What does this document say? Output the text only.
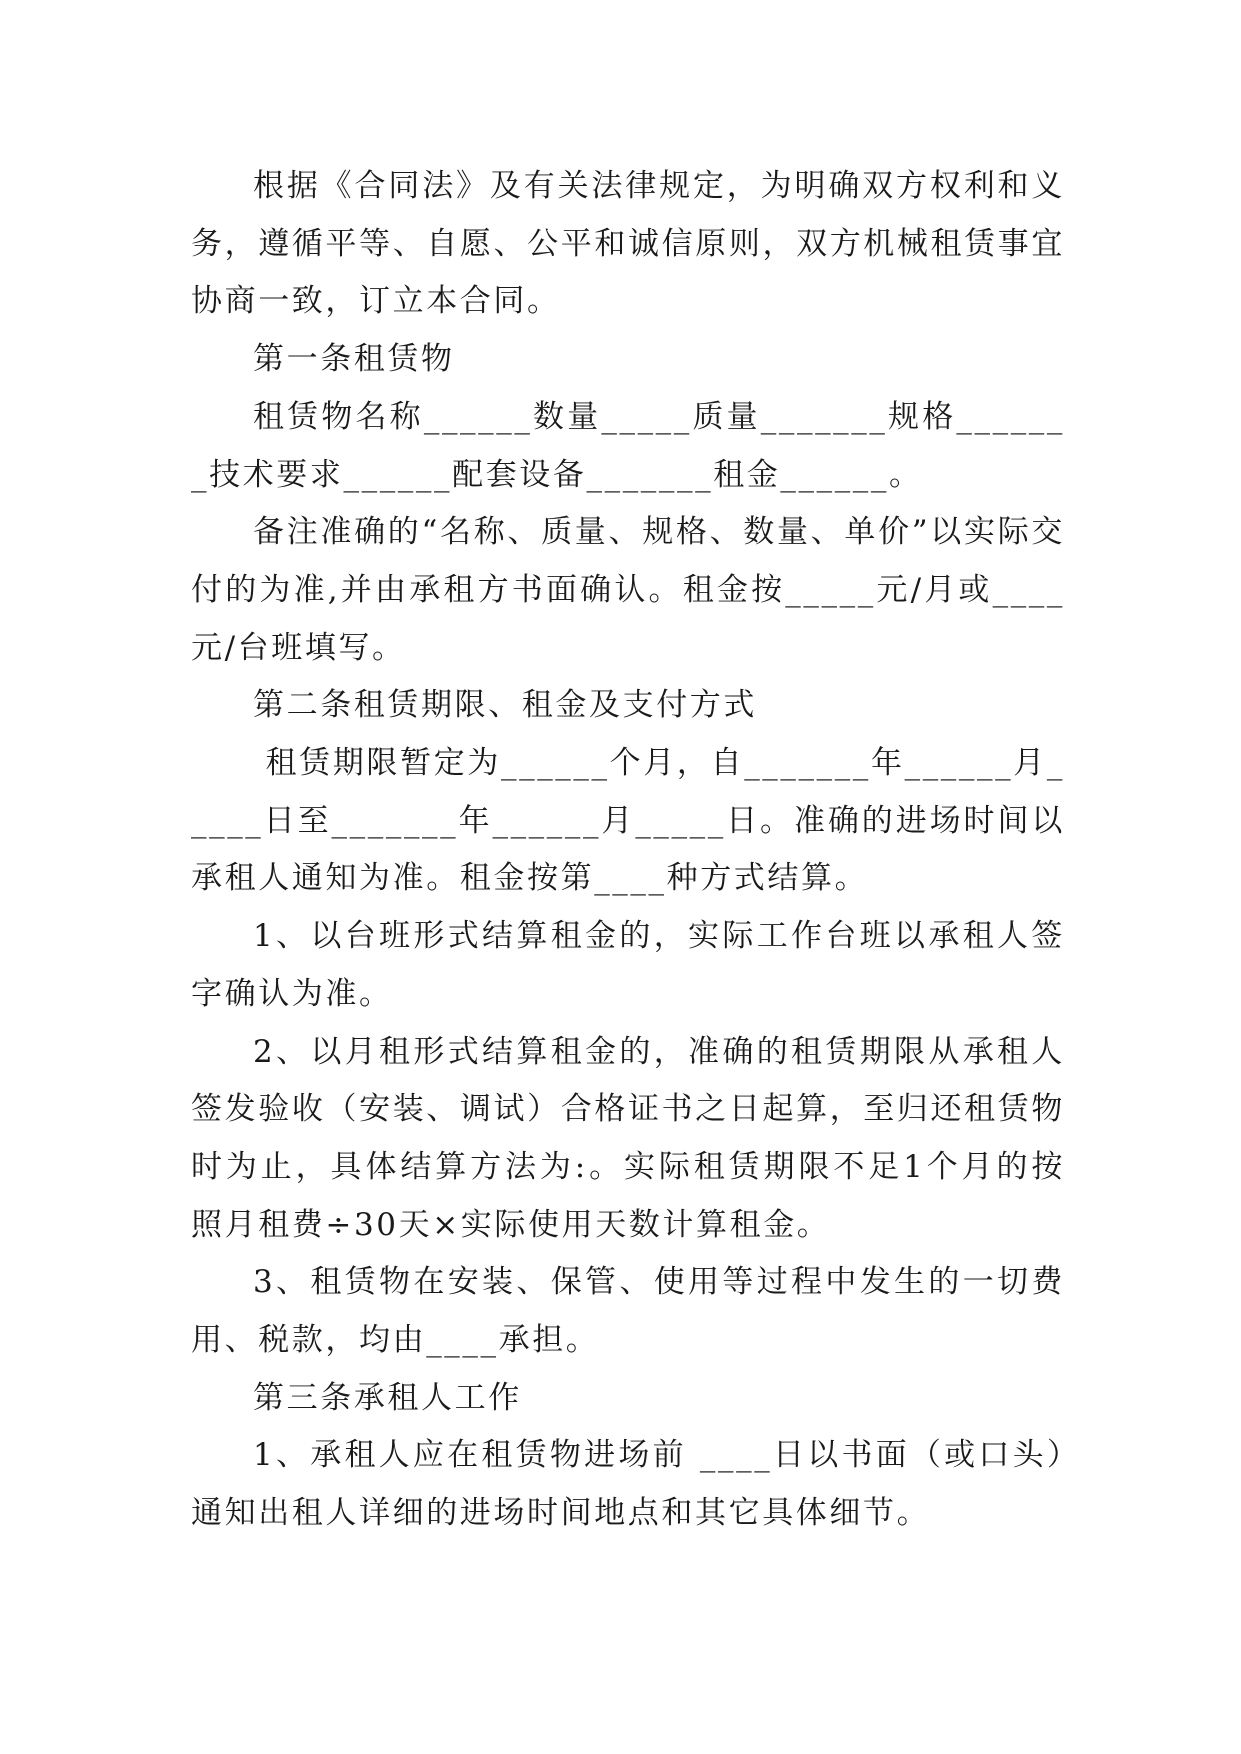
根据《合同法》及有关法律规定，为明确双方权利和义务，遵循平等、自愿、公平和诚信原则，双方机械租赁事宜协商一致，订立本合同。

第一条租赁物

租赁物名称______数量_____质量_______规格_______技术要求______配套设备_______租金______。

备注准确的“名称、质量、规格、数量、单价”以实际交付的为准,并由承租方书面确认。租金按_____元/月或____元/台班填写。

第二条租赁期限、租金及支付方式

租赁期限暂定为______个月，自_______年______月_____日至_______年______月_____日。准确的进场时间以承租人通知为准。租金按第____种方式结算。

1、以台班形式结算租金的，实际工作台班以承租人签字确认为准。

2、以月租形式结算租金的，准确的租赁期限从承租人签发验收（安装、调试）合格证书之日起算，至归还租赁物时为止，具体结算方法为:。实际租赁期限不足1个月的按照月租费÷30天×实际使用天数计算租金。

3、租赁物在安装、保管、使用等过程中发生的一切费用、税款，均由____承担。

第三条承租人工作

1、承租人应在租赁物进场前 ____日以书面（或口头）通知出租人详细的进场时间地点和其它具体细节。
